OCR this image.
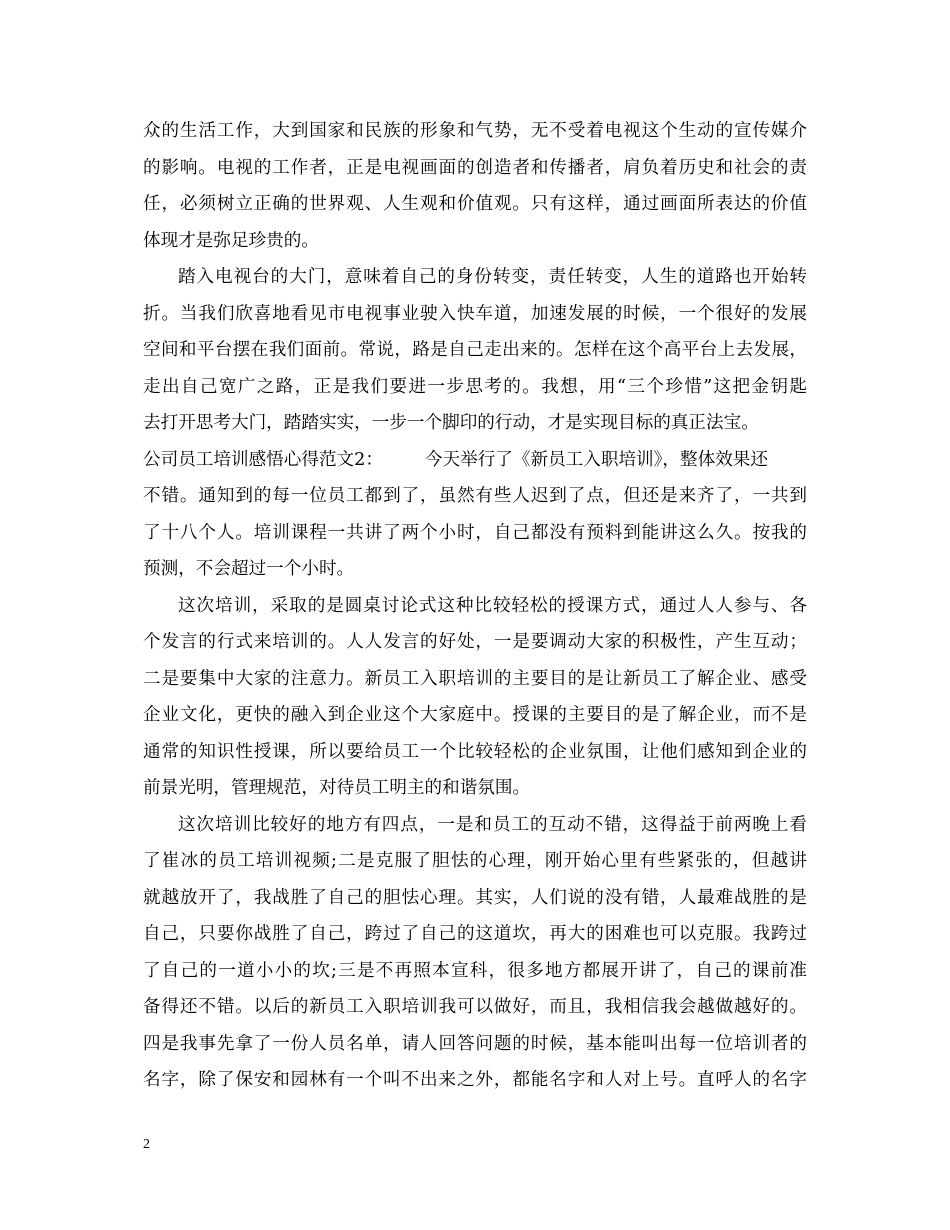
众的生活工作，大到国家和民族的形象和气势，无不受着电视这个生动的宣传媒介
的影响。电视的工作者，正是电视画面的创造者和传播者，肩负着历史和社会的责
任，必须树立正确的世界观、人生观和价值观。只有这样，通过画面所表达的价值
体现才是弥足珍贵的。
踏入电视台的大门，意味着自己的身份转变，责任转变，人生的道路也开始转
折。当我们欣喜地看见市电视事业驶入快车道，加速发展的时候，一个很好的发展
空间和平台摆在我们面前。常说，路是自己走出来的。怎样在这个高平台上去发展，
走出自己宽广之路，正是我们要进一步思考的。我想，用“三个珍惜”这把金钥匙
去打开思考大门，踏踏实实，一步一个脚印的行动，才是实现目标的真正法宝。
公司员工培训感悟心得范文2： 今天举行了《新员工入职培训》，整体效果还
不错。通知到的每一位员工都到了，虽然有些人迟到了点，但还是来齐了，一共到
了十八个人。培训课程一共讲了两个小时，自己都没有预料到能讲这么久。按我的
预测，不会超过一个小时。
这次培训，采取的是圆桌讨论式这种比较轻松的授课方式，通过人人参与、各
个发言的行式来培训的。人人发言的好处，一是要调动大家的积极性，产生互动；
二是要集中大家的注意力。新员工入职培训的主要目的是让新员工了解企业、感受
企业文化，更快的融入到企业这个大家庭中。授课的主要目的是了解企业，而不是
通常的知识性授课，所以要给员工一个比较轻松的企业氛围，让他们感知到企业的
前景光明，管理规范，对待员工明主的和谐氛围。
这次培训比较好的地方有四点，一是和员工的互动不错，这得益于前两晚上看
了崔冰的员工培训视频;二是克服了胆怯的心理，刚开始心里有些紧张的，但越讲
就越放开了，我战胜了自己的胆怯心理。其实，人们说的没有错，人最难战胜的是
自己，只要你战胜了自己，跨过了自己的这道坎，再大的困难也可以克服。我跨过
了自己的一道小小的坎;三是不再照本宣科，很多地方都展开讲了，自己的课前准
备得还不错。以后的新员工入职培训我可以做好，而且，我相信我会越做越好的。
四是我事先拿了一份人员名单，请人回答问题的时候，基本能叫出每一位培训者的
名字，除了保安和园林有一个叫不出来之外，都能名字和人对上号。直呼人的名字
2
